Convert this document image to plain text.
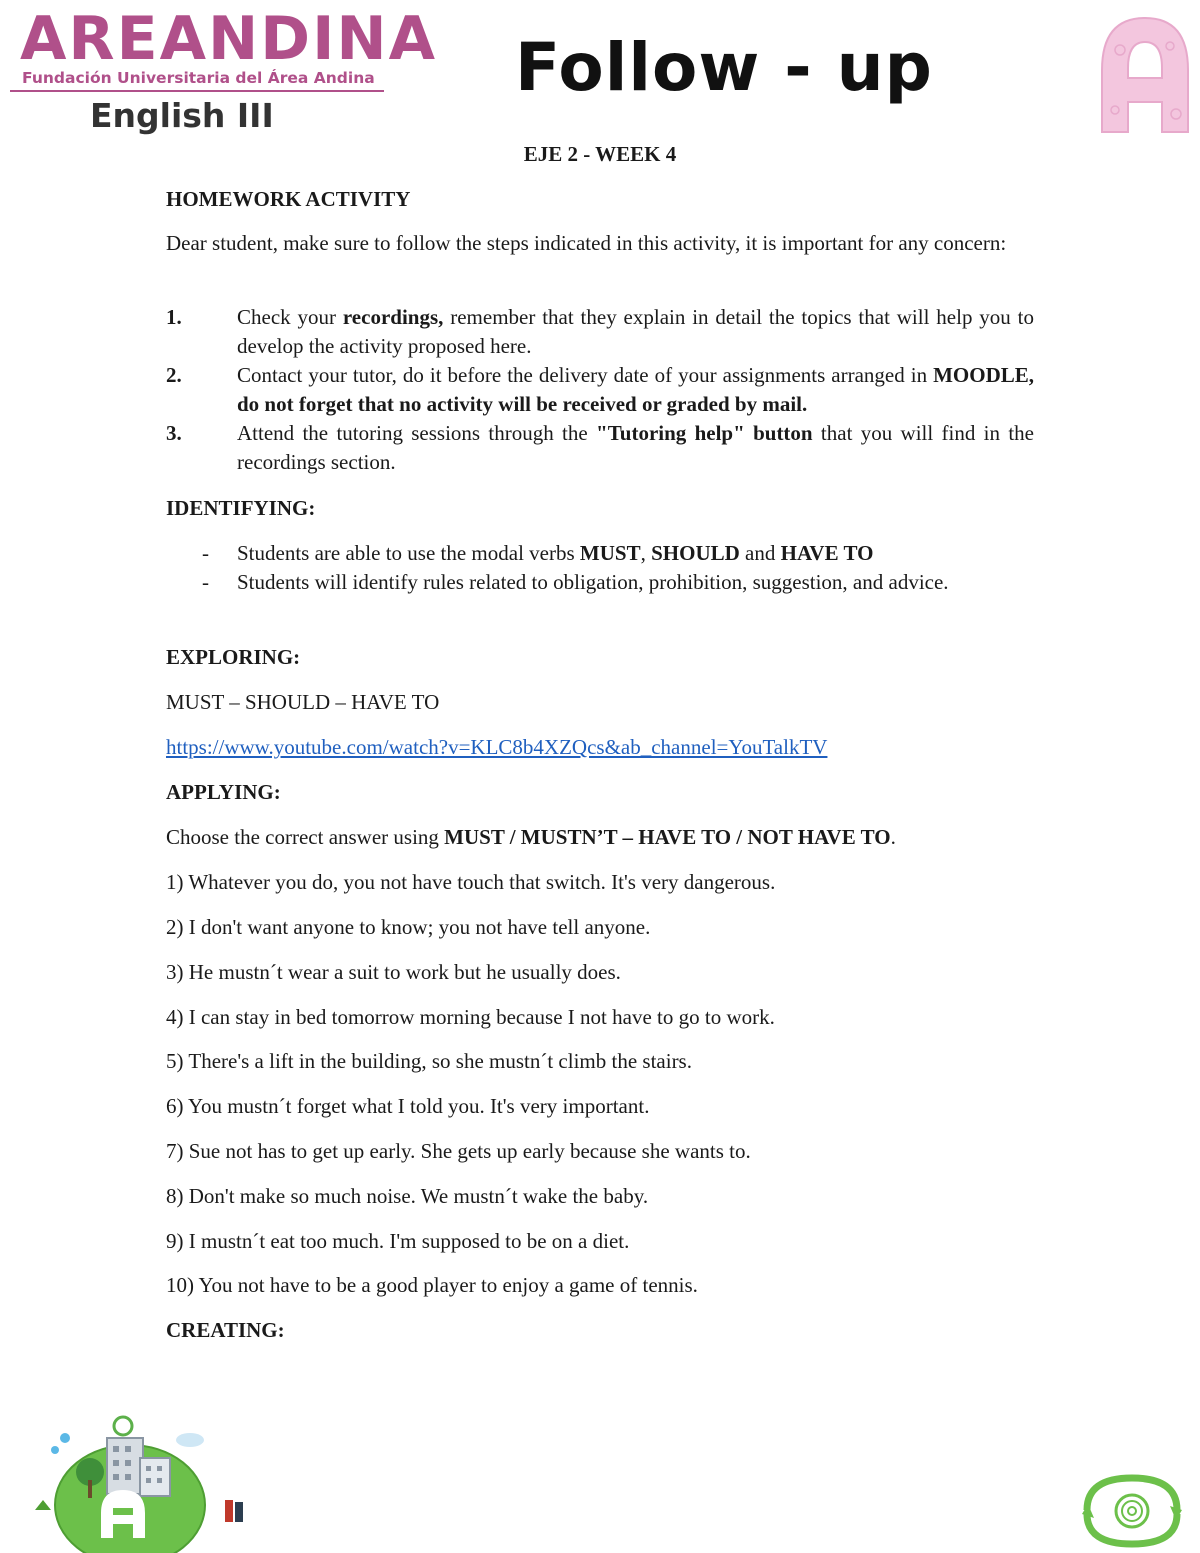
AREANDINA
Fundación Universitaria del Área Andina
English III
Follow - up
EJE 2 - WEEK 4
HOMEWORK ACTIVITY
Dear student, make sure to follow the steps indicated in this activity, it is important for any concern:
1.	Check your recordings, remember that they explain in detail the topics that will help you to develop the activity proposed here.
2.	Contact your tutor, do it before the delivery date of your assignments arranged in MOODLE, do not forget that no activity will be received or graded by mail.
3.	Attend the tutoring sessions through the "Tutoring help" button that you will find in the recordings section.
IDENTIFYING:
- Students are able to use the modal verbs MUST, SHOULD and HAVE TO
- Students will identify rules related to obligation, prohibition, suggestion, and advice.
EXPLORING:
MUST – SHOULD – HAVE TO
https://www.youtube.com/watch?v=KLC8b4XZQcs&ab_channel=YouTalkTV
APPLYING:
Choose the correct answer using MUST / MUSTN’T – HAVE TO / NOT HAVE TO.
1) Whatever you do, you not have touch that switch. It's very dangerous.
2) I don't want anyone to know; you not have tell anyone.
3) He mustn´t wear a suit to work but he usually does.
4) I can stay in bed tomorrow morning because I not have to go to work.
5) There's a lift in the building, so she mustn´t climb the stairs.
6) You mustn´t forget what I told you. It's very important.
7) Sue not has to get up early. She gets up early because she wants to.
8) Don't make so much noise. We mustn´t wake the baby.
9) I mustn´t eat too much. I'm supposed to be on a diet.
10) You not have to be a good player to enjoy a game of tennis.
CREATING:
